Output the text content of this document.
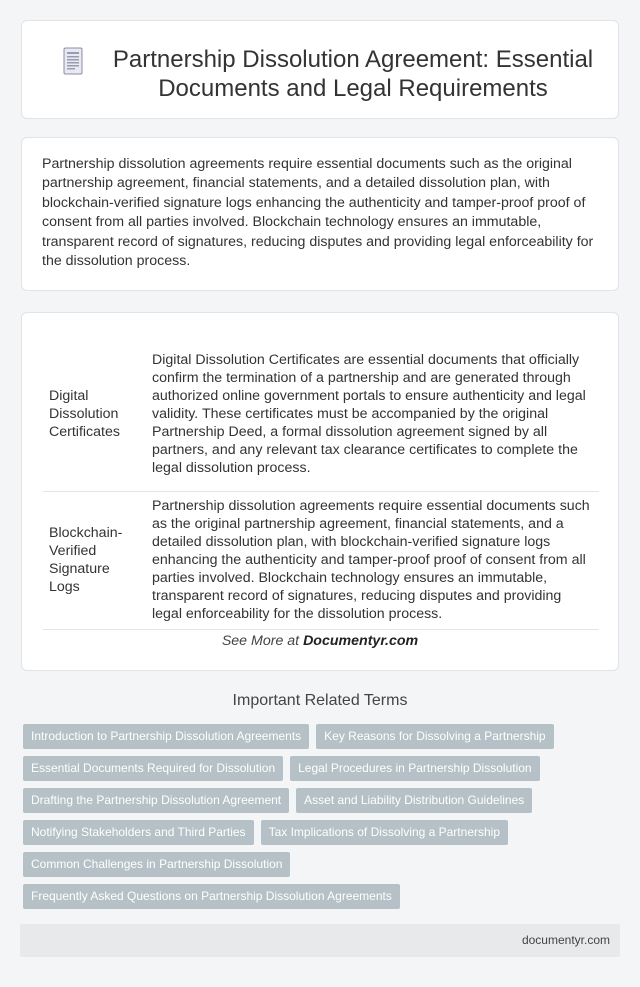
Partnership Dissolution Agreement: Essential Documents and Legal Requirements

Partnership dissolution agreements require essential documents such as the original partnership agreement, financial statements, and a detailed dissolution plan, with blockchain-verified signature logs enhancing the authenticity and tamper-proof proof of consent from all parties involved. Blockchain technology ensures an immutable, transparent record of signatures, reducing disputes and providing legal enforceability for the dissolution process.

Digital Dissolution Certificates	Digital Dissolution Certificates are essential documents that officially confirm the termination of a partnership and are generated through authorized online government portals to ensure authenticity and legal validity. These certificates must be accompanied by the original Partnership Deed, a formal dissolution agreement signed by all partners, and any relevant tax clearance certificates to complete the legal dissolution process.
Blockchain-Verified Signature Logs	Partnership dissolution agreements require essential documents such as the original partnership agreement, financial statements, and a detailed dissolution plan, with blockchain-verified signature logs enhancing the authenticity and tamper-proof proof of consent from all parties involved. Blockchain technology ensures an immutable, transparent record of signatures, reducing disputes and providing legal enforceability for the dissolution process.
See More at Documentyr.com
Important Related Terms
Introduction to Partnership Dissolution Agreements	Key Reasons for Dissolving a Partnership
Essential Documents Required for Dissolution	Legal Procedures in Partnership Dissolution
Drafting the Partnership Dissolution Agreement	Asset and Liability Distribution Guidelines
Notifying Stakeholders and Third Parties	Tax Implications of Dissolving a Partnership
Common Challenges in Partnership Dissolution
Frequently Asked Questions on Partnership Dissolution Agreements
documentyr.com
